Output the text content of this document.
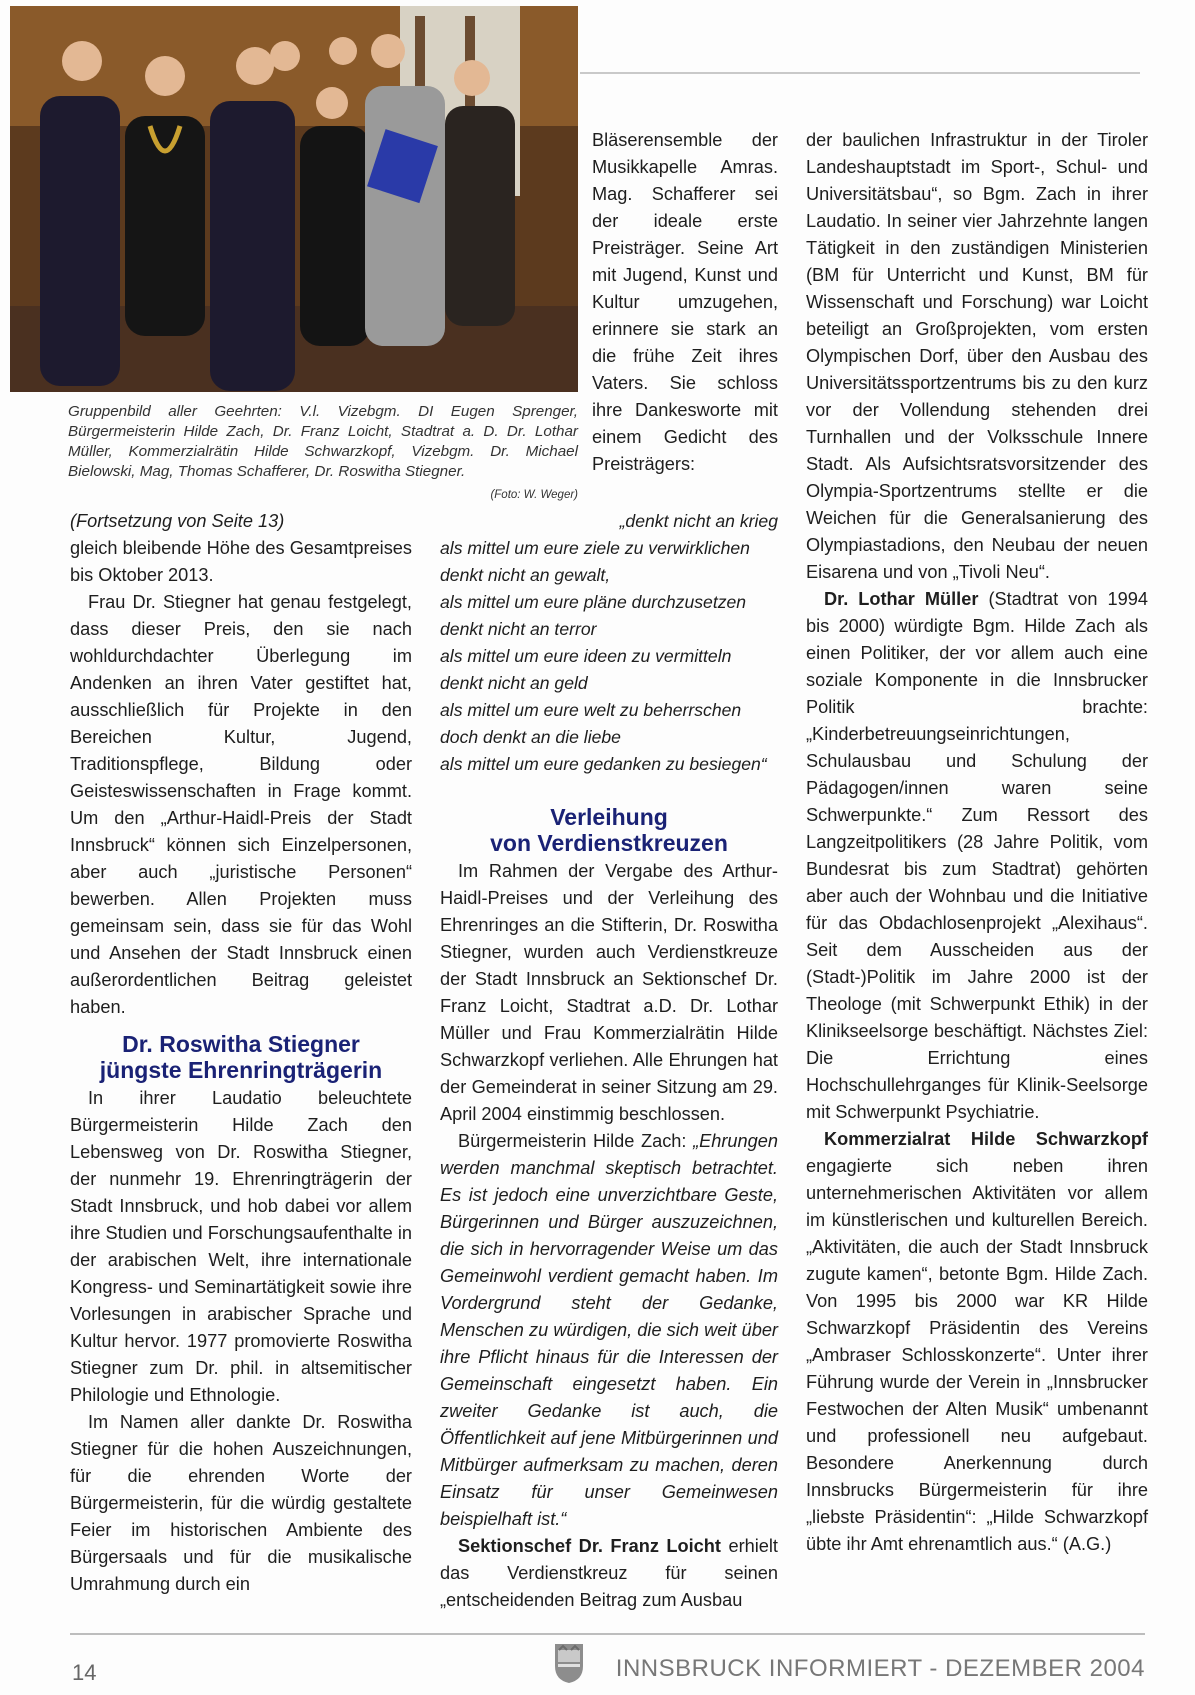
Gruppenbild aller Geehrten: V.l. Vizebgm. DI Eugen Sprenger, Bürgermeisterin Hilde Zach, Dr. Franz Loicht, Stadtrat a. D. Dr. Lothar Müller, Kommerzialrätin Hilde Schwarzkopf, Vizebgm. Dr. Michael Bielowski, Mag, Thomas Schafferer, Dr. Roswitha Stiegner.
(Foto: W. Weger)

(Fortsetzung von Seite 13)

gleich bleibende Höhe des Gesamtpreises bis Oktober 2013.

Frau Dr. Stiegner hat genau festgelegt, dass dieser Preis, den sie nach wohldurchdachter Überlegung im Andenken an ihren Vater gestiftet hat, ausschließlich für Projekte in den Bereichen Kultur, Jugend, Traditionspflege, Bildung oder Geisteswissenschaften in Frage kommt. Um den „Arthur-Haidl-Preis der Stadt Innsbruck“ können sich Einzelpersonen, aber auch „juristische Personen“ bewerben. Allen Projekten muss gemeinsam sein, dass sie für das Wohl und Ansehen der Stadt Innsbruck einen außerordentlichen Beitrag geleistet haben.

Dr. Roswitha Stiegner
jüngste Ehrenringträgerin

In ihrer Laudatio beleuchtete Bürgermeisterin Hilde Zach den Lebensweg von Dr. Roswitha Stiegner, der nunmehr 19. Ehrenringträgerin der Stadt Innsbruck, und hob dabei vor allem ihre Studien und Forschungsaufenthalte in der arabischen Welt, ihre internationale Kongress- und Seminartätigkeit sowie ihre Vorlesungen in arabischer Sprache und Kultur hervor. 1977 promovierte Roswitha Stiegner zum Dr. phil. in altsemitischer Philologie und Ethnologie.

Im Namen aller dankte Dr. Roswitha Stiegner für die hohen Auszeichnungen, für die ehrenden Worte der Bürgermeisterin, für die würdig gestaltete Feier im historischen Ambiente des Bürgersaals und für die musikalische Umrahmung durch ein

Bläserensemble der Musikkapelle Amras. Mag. Schafferer sei der ideale erste Preisträger. Seine Art mit Jugend, Kunst und Kultur umzugehen, erinnere sie stark an die frühe Zeit ihres Vaters. Sie schloss ihre Dankesworte mit einem Gedicht des Preisträgers:

„denkt nicht an krieg
als mittel um eure ziele zu verwirklichen
denkt nicht an gewalt,
als mittel um eure pläne durchzusetzen
denkt nicht an terror
als mittel um eure ideen zu vermitteln
denkt nicht an geld
als mittel um eure welt zu beherrschen
doch denkt an die liebe
als mittel um eure gedanken zu besiegen“
Verleihung
von Verdienstkreuzen

Im Rahmen der Vergabe des Arthur-Haidl-Preises und der Verleihung des Ehrenringes an die Stifterin, Dr. Roswitha Stiegner, wurden auch Verdienstkreuze der Stadt Innsbruck an Sektionschef Dr. Franz Loicht, Stadtrat a.D. Dr. Lothar Müller und Frau Kommerzialrätin Hilde Schwarzkopf verliehen. Alle Ehrungen hat der Gemeinderat in seiner Sitzung am 29. April 2004 einstimmig beschlossen.

Bürgermeisterin Hilde Zach: „Ehrungen werden manchmal skeptisch betrachtet. Es ist jedoch eine unverzichtbare Geste, Bürgerinnen und Bürger auszuzeichnen, die sich in hervorragender Weise um das Gemeinwohl verdient gemacht haben. Im Vordergrund steht der Gedanke, Menschen zu würdigen, die sich weit über ihre Pflicht hinaus für die Interessen der Gemeinschaft eingesetzt haben. Ein zweiter Gedanke ist auch, die Öffentlichkeit auf jene Mitbürgerinnen und Mitbürger aufmerksam zu machen, deren Einsatz für unser Gemeinwesen beispielhaft ist.“

Sektionschef Dr. Franz Loicht erhielt das Verdienstkreuz für seinen „entscheidenden Beitrag zum Ausbau

der baulichen Infrastruktur in der Tiroler Landeshauptstadt im Sport-, Schul- und Universitätsbau“, so Bgm. Zach in ihrer Laudatio. In seiner vier Jahrzehnte langen Tätigkeit in den zuständigen Ministerien (BM für Unterricht und Kunst, BM für Wissenschaft und Forschung) war Loicht beteiligt an Großprojekten, vom ersten Olympischen Dorf, über den Ausbau des Universitätssportzentrums bis zu den kurz vor der Vollendung stehenden drei Turnhallen und der Volksschule Innere Stadt. Als Aufsichtsratsvorsitzender des Olympia-Sportzentrums stellte er die Weichen für die Generalsanierung des Olympiastadions, den Neubau der neuen Eisarena und von „Tivoli Neu“.

Dr. Lothar Müller (Stadtrat von 1994 bis 2000) würdigte Bgm. Hilde Zach als einen Politiker, der vor allem auch eine soziale Komponente in die Innsbrucker Politik brachte: „Kinderbetreuungseinrichtungen, Schulausbau und Schulung der Pädagogen/innen waren seine Schwerpunkte.“ Zum Ressort des Langzeitpolitikers (28 Jahre Politik, vom Bundesrat bis zum Stadtrat) gehörten aber auch der Wohnbau und die Initiative für das Obdachlosenprojekt „Alexihaus“. Seit dem Ausscheiden aus der (Stadt-)Politik im Jahre 2000 ist der Theologe (mit Schwerpunkt Ethik) in der Klinikseelsorge beschäftigt. Nächstes Ziel: Die Errichtung eines Hochschullehrganges für Klinik-Seelsorge mit Schwerpunkt Psychiatrie.

Kommerzialrat Hilde Schwarzkopf engagierte sich neben ihren unternehmerischen Aktivitäten vor allem im künstlerischen und kulturellen Bereich. „Aktivitäten, die auch der Stadt Innsbruck zugute kamen“, betonte Bgm. Hilde Zach. Von 1995 bis 2000 war KR Hilde Schwarzkopf Präsidentin des Vereins „Ambraser Schlosskonzerte“. Unter ihrer Führung wurde der Verein in „Innsbrucker Festwochen der Alten Musik“ umbenannt und professionell neu aufgebaut. Besondere Anerkennung durch Innsbrucks Bürgermeisterin für ihre „liebste Präsidentin“: „Hilde Schwarzkopf übte ihr Amt ehrenamtlich aus.“ (A.G.)

14	INNSBRUCK INFORMIERT - DEZEMBER 2004
